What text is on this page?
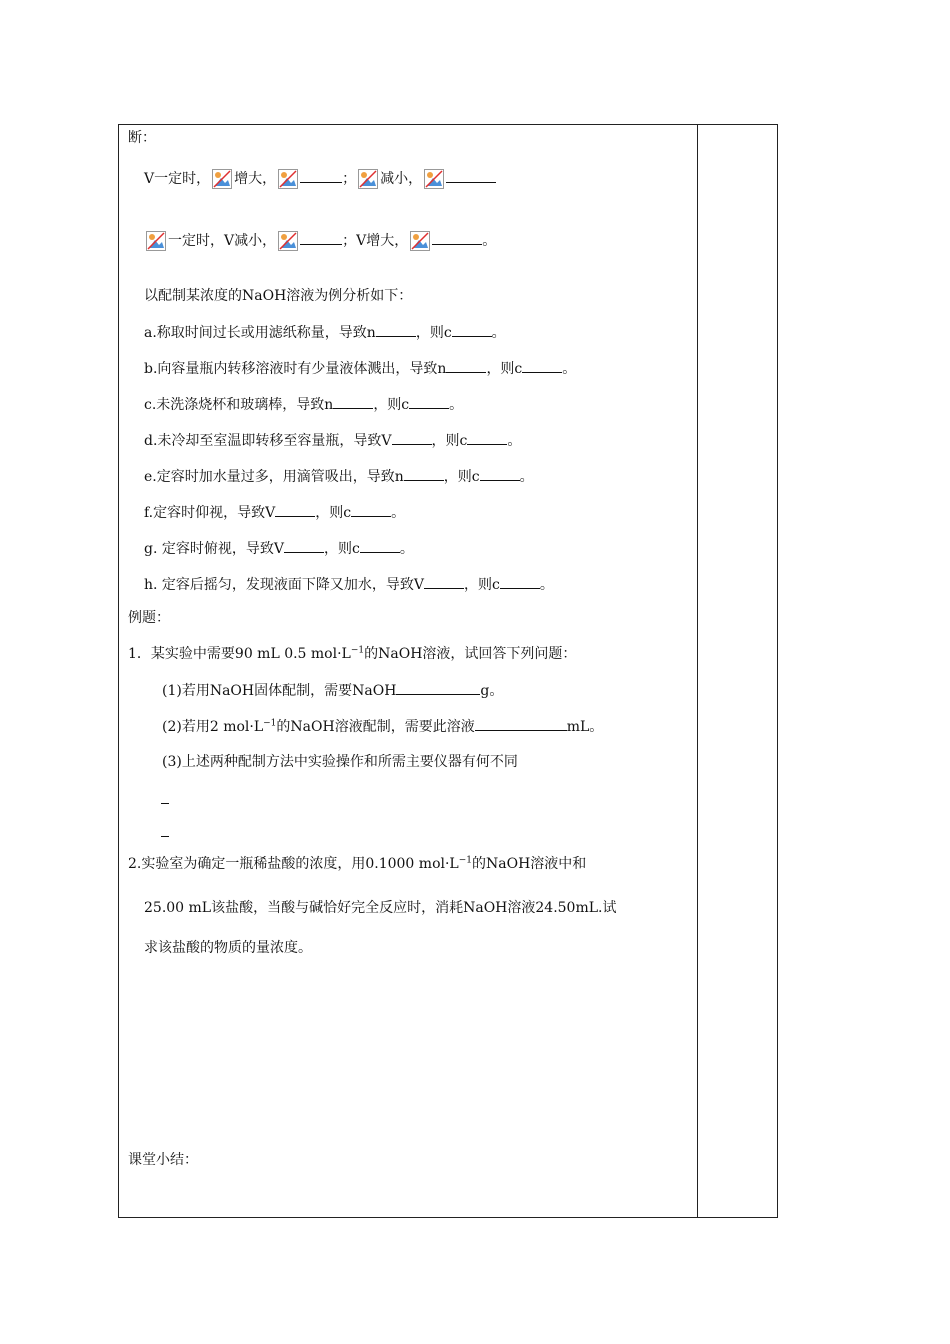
断：
V一定时， 增大，	； 减小，
一定时，V减小，	；V增大，	。
以配制某浓度的NaOH溶液为例分析如下：
a.称取时间过长或用滤纸称量，导致n	，则c	。
b.向容量瓶内转移溶液时有少量液体溅出，导致n	，则c	。
c.未洗涤烧杯和玻璃棒，导致n	，则c	。
d.未冷却至室温即转移至容量瓶，导致V	，则c	。
e.定容时加水量过多，用滴管吸出，导致n	，则c	。
f.定容时仰视，导致V	，则c	。
g. 定容时俯视，导致V	，则c	。
h. 定容后摇匀，发现液面下降又加水，导致V	，则c	。
例题：
1．某实验中需要90 mL 0.5 $mol\cdot L^{-1}$的NaOH溶液，试回答下列问题：
(1)若用NaOH固体配制，需要NaOH	g。
(2)若用2 $mol\cdot L^{-1}$的NaOH溶液配制，需要此溶液	mL。
(3)上述两种配制方法中实验操作和所需主要仪器有何不同
2.实验室为确定一瓶稀盐酸的浓度，用0.1000 $mol\cdot L^{-1}$的NaOH溶液中和
25.00 mL该盐酸，当酸与碱恰好完全反应时，消耗NaOH溶液24.50mL.试
求该盐酸的物质的量浓度。
课堂小结：
